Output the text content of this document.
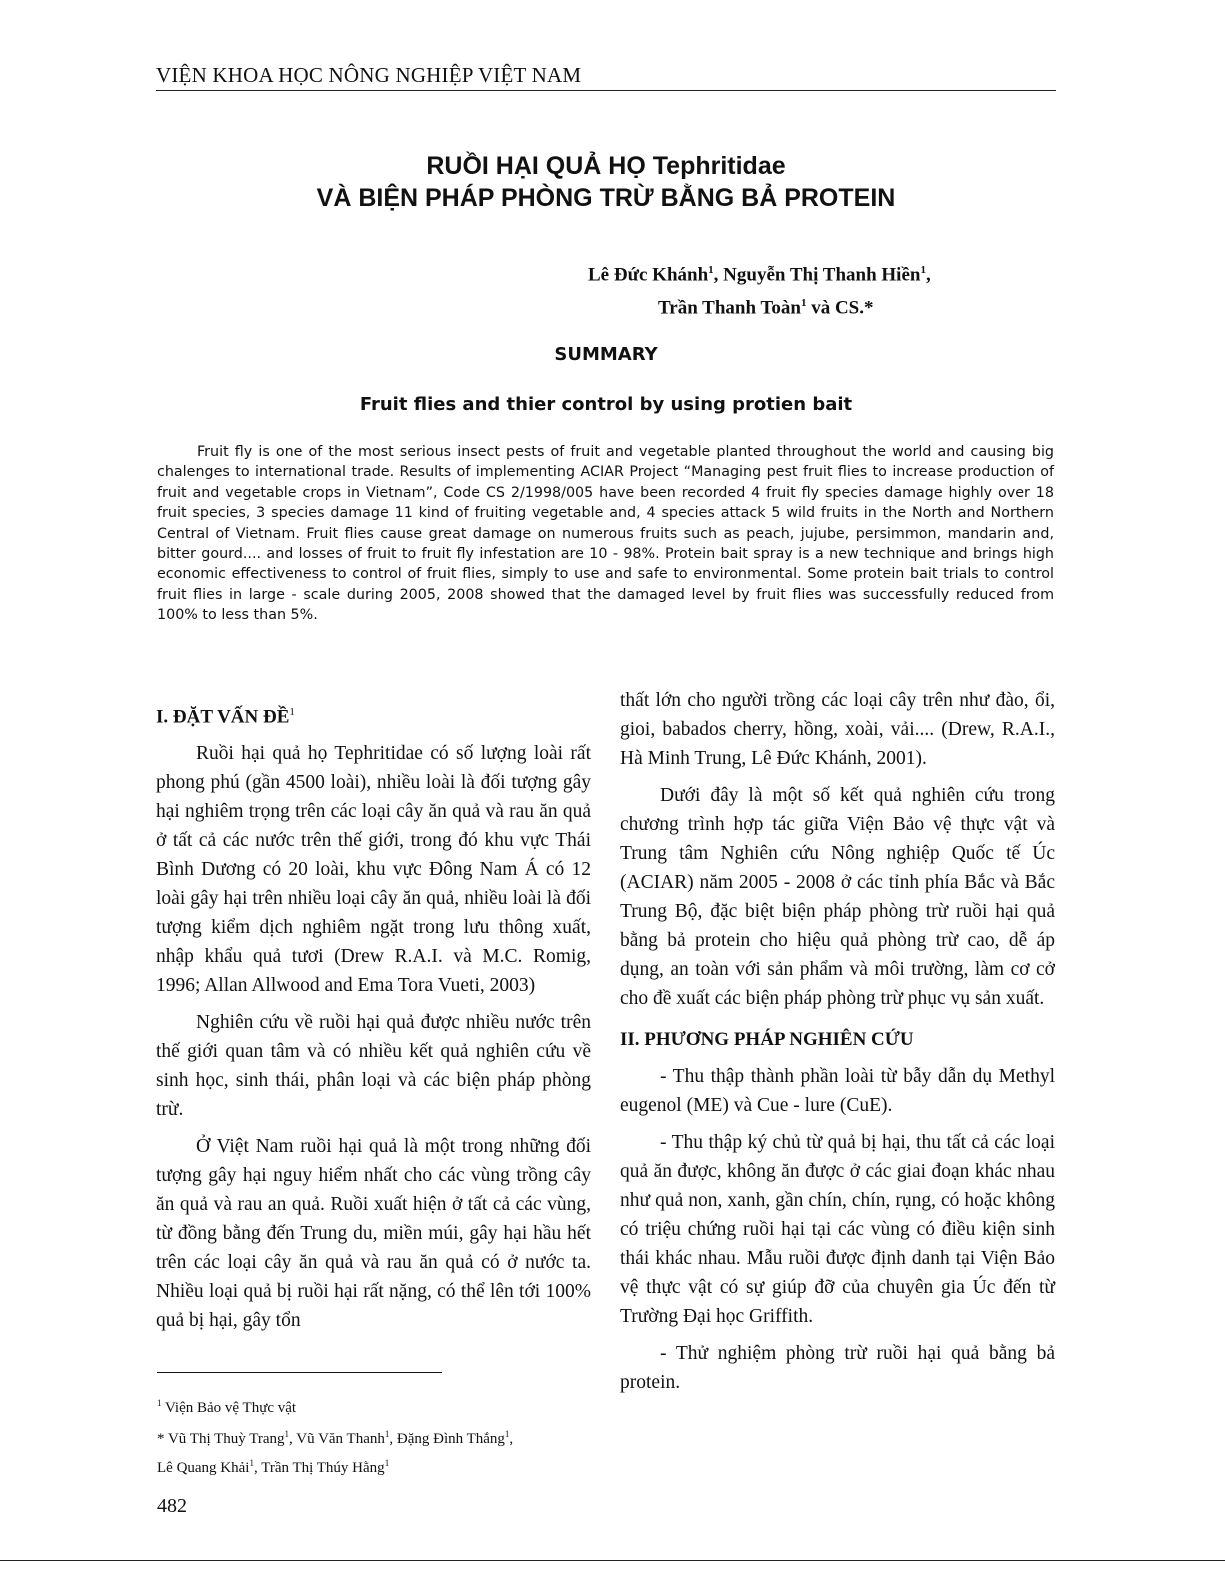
VIỆN KHOA HỌC NÔNG NGHIỆP VIỆT NAM
RUỒI HẠI QUẢ HỌ Tephritidae
VÀ BIỆN PHÁP PHÒNG TRỪ BẰNG BẢ PROTEIN
Lê Đức Khánh$^1$, Nguyễn Thị Thanh Hiền$^1$,
Trần Thanh Toàn$^1$ và CS.*
SUMMARY
Fruit flies and thier control by using protien bait
Fruit fly is one of the most serious insect pests of fruit and vegetable planted throughout the world and causing big chalenges to international trade. Results of implementing ACIAR Project “Managing pest fruit flies to increase production of fruit and vegetable crops in Vietnam”, Code CS 2/1998/005 have been recorded 4 fruit fly species damage highly over 18 fruit species, 3 species damage 11 kind of fruiting vegetable and, 4 species attack 5 wild fruits in the North and Northern Central of Vietnam. Fruit flies cause great damage on numerous fruits such as peach, jujube, persimmon, mandarin and, bitter gourd.... and losses of fruit to fruit fly infestation are 10 - 98%. Protein bait spray is a new technique and brings high economic effectiveness to control of fruit flies, simply to use and safe to environmental. Some protein bait trials to control fruit flies in large - scale during 2005, 2008 showed that the damaged level by fruit flies was successfully reduced from 100% to less than 5%.
I. ĐẶT VẤN ĐỀ$^1$

Ruồi hại quả họ Tephritidae có số lượng loài rất phong phú (gần 4500 loài), nhiều loài là đối tượng gây hại nghiêm trọng trên các loại cây ăn quả và rau ăn quả ở tất cả các nước trên thế giới, trong đó khu vực Thái Bình Dương có 20 loài, khu vực Đông Nam Á có 12 loài gây hại trên nhiều loại cây ăn quả, nhiều loài là đối tượng kiểm dịch nghiêm ngặt trong lưu thông xuất, nhập khẩu quả tươi (Drew R.A.I. và M.C. Romig, 1996; Allan Allwood and Ema Tora Vueti, 2003)

Nghiên cứu về ruồi hại quả được nhiều nước trên thế giới quan tâm và có nhiều kết quả nghiên cứu về sinh học, sinh thái, phân loại và các biện pháp phòng trừ.

Ở Việt Nam ruồi hại quả là một trong những đối tượng gây hại nguy hiểm nhất cho các vùng trồng cây ăn quả và rau an quả. Ruồi xuất hiện ở tất cả các vùng, từ đồng bằng đến Trung du, miền múi, gây hại hầu hết trên các loại cây ăn quả và rau ăn quả có ở nước ta. Nhiều loại quả bị ruồi hại rất nặng, có thể lên tới 100% quả bị hại, gây tổn

thất lớn cho người trồng các loại cây trên như đào, ổi, gioi, babados cherry, hồng, xoài, vải.... (Drew, R.A.I., Hà Minh Trung, Lê Đức Khánh, 2001).

Dưới đây là một số kết quả nghiên cứu trong chương trình hợp tác giữa Viện Bảo vệ thực vật và Trung tâm Nghiên cứu Nông nghiệp Quốc tế Úc (ACIAR) năm 2005 - 2008 ở các tỉnh phía Bắc và Bắc Trung Bộ, đặc biệt biện pháp phòng trừ ruồi hại quả bằng bả protein cho hiệu quả phòng trừ cao, dễ áp dụng, an toàn với sản phẩm và môi trường, làm cơ cở cho đề xuất các biện pháp phòng trừ phục vụ sản xuất.

II. PHƯƠNG PHÁP NGHIÊN CỨU

- Thu thập thành phần loài từ bẫy dẫn dụ Methyl eugenol (ME) và Cue - lure (CuE).

- Thu thập ký chủ từ quả bị hại, thu tất cả các loại quả ăn được, không ăn được ở các giai đoạn khác nhau như quả non, xanh, gần chín, chín, rụng, có hoặc không có triệu chứng ruồi hại tại các vùng có điều kiện sinh thái khác nhau. Mẫu ruồi được định danh tại Viện Bảo vệ thực vật có sự giúp đỡ của chuyên gia Úc đến từ Trường Đại học Griffith.

- Thử nghiệm phòng trừ ruồi hại quả bằng bả protein.

$^1$ Viện Bảo vệ Thực vật

* Vũ Thị Thuỳ Trang$^1$, Vũ Văn Thanh$^1$, Đặng Đình Thắng$^1$,
Lê Quang Khải$^1$, Trần Thị Thúy Hằng$^1$

482
